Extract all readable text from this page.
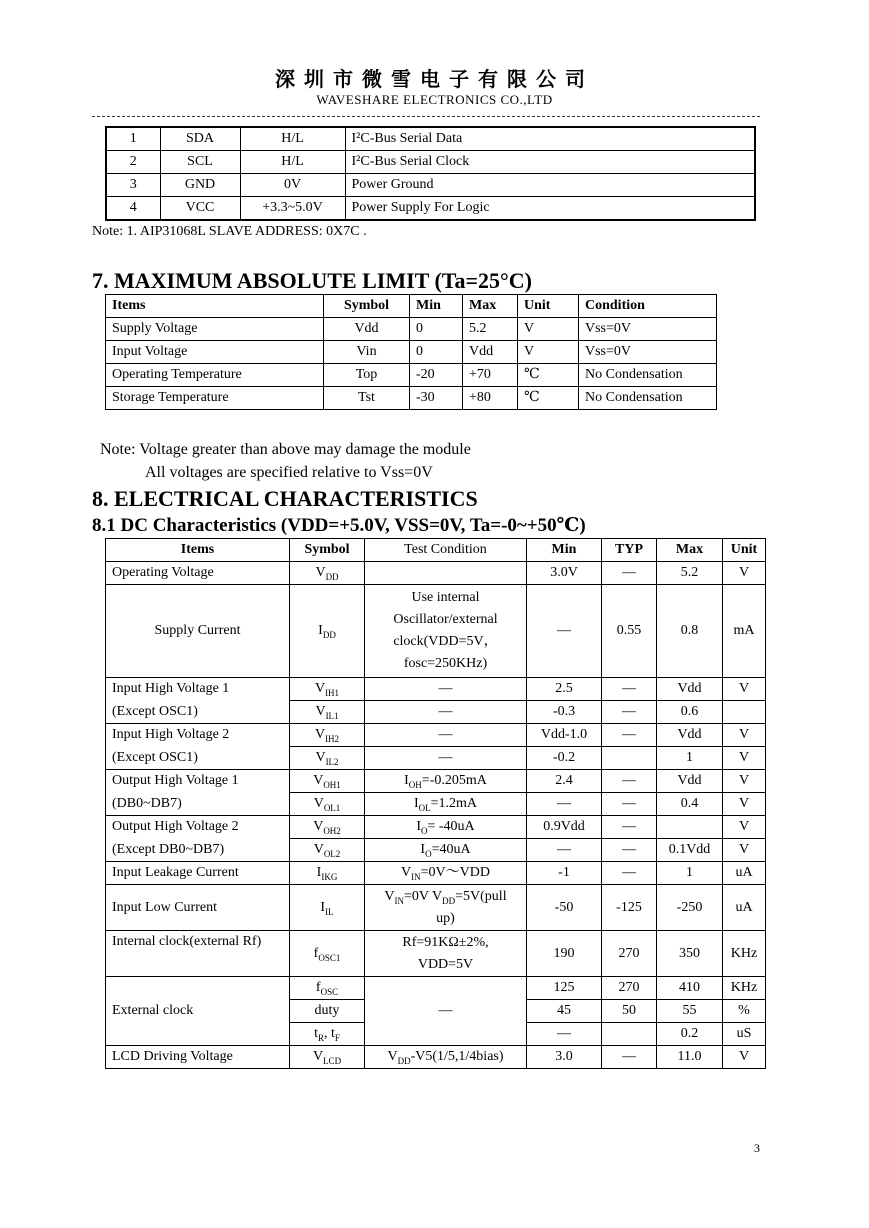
深圳市微雪电子有限公司
WAVESHARE ELECTRONICS CO.,LTD
1	SDA	H/L	I²C-Bus Serial Data
2	SCL	H/L	I²C-Bus Serial Clock
3	GND	0V	Power Ground
4	VCC	+3.3~5.0V	Power Supply For Logic
Note: 1. AIP31068L SLAVE ADDRESS: 0X7C .
7. MAXIMUM ABSOLUTE LIMIT (Ta=25°C)
Items	Symbol	Min	Max	Unit	Condition
Supply Voltage	Vdd	0	5.2	V	Vss=0V
Input Voltage	Vin	0	Vdd	V	Vss=0V
Operating Temperature	Top	-20	+70	℃	No Condensation
Storage Temperature	Tst	-30	+80	℃	No Condensation
Note: Voltage greater than above may damage the module
All voltages are specified relative to Vss=0V
8. ELECTRICAL CHARACTERISTICS
8.1 DC Characteristics (VDD=+5.0V, VSS=0V, Ta=-0~+50℃)
Items	Symbol	Test Condition	Min	TYP	Max	Unit
Operating Voltage	$V_{DD}$		3.0V	—	5.2	V
Supply Current	$I_{DD}$	Use internal
Oscillator/external
clock(VDD=5V，
fosc=250KHz)	—	0.55	0.8	mA
Input High Voltage 1	$V_{IH1}$	—	2.5	—	Vdd	V
(Except OSC1)	$V_{IL1}$	—	-0.3	—	0.6	
Input High Voltage 2	$V_{IH2}$	—	Vdd-1.0	—	Vdd	V
(Except OSC1)	$V_{IL2}$	—	-0.2		1	V
Output High Voltage 1	$V_{OH1}$	$I_{OH}=-0.205mA$	2.4	—	Vdd	V
(DB0~DB7)	$V_{OL1}$	$I_{OL}=1.2mA$	—	—	0.4	V
Output High Voltage 2	$V_{OH2}$	$I_O= -40uA$	0.9Vdd	—		V
(Except DB0~DB7)	$V_{OL2}$	$I_O=40uA$	—	—	0.1Vdd	V
Input Leakage Current	$I_{IKG}$	$V_{IN}=0V\sim VDD$	-1	—	1	uA
Input Low Current	$I_{IL}$	$V_{IN}=0V$ $V_{DD}=5V(pull$
up)	-50	-125	-250	uA
Internal clock(external Rf)	$f_{OSC1}$	Rf=91KΩ±2%,
VDD=5V	190	270	350	KHz
External clock	$f_{OSC}$	—	125	270	410	KHz
	duty		45	50	55	%
	$t_R$, $t_F$		—		0.2	uS
LCD Driving Voltage	$V_{LCD}$	$V_{DD}-V5(1/5,1/4bias)$	3.0	—	11.0	V
3
